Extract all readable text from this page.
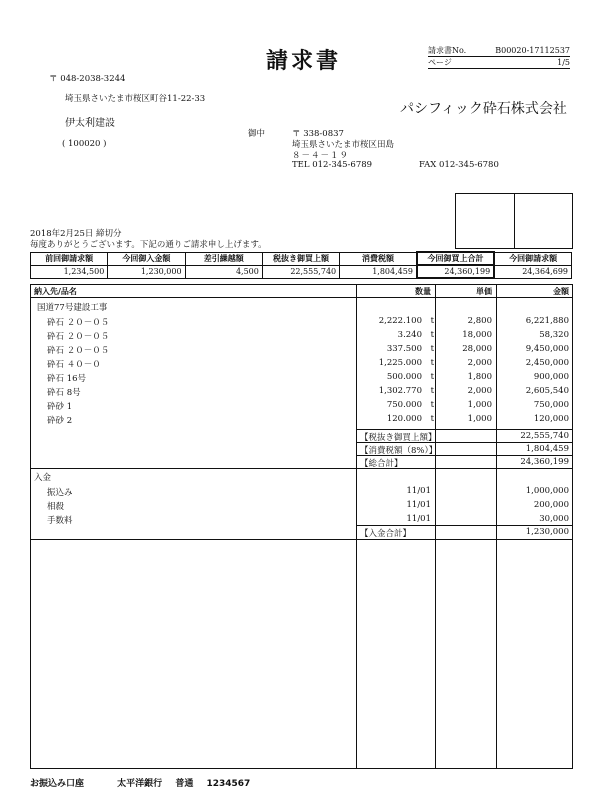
請求書	請求書No.	B00020-17112537
ページ	1/5
〒 048-2038-3244
埼玉県さいたま市桜区町谷11-22-33
伊太利建設
( 100020 )
御中
パシフィック砕石株式会社
〒 338-0837
埼玉県さいたま市桜区田島
８－４－１９
TEL 012-345-6789	FAX 012-345-6780
2018年2月25日 締切分
毎度ありがとうございます。下記の通りご請求申し上げます。
前回御請求額	今回御入金額	差引繰越額	税抜き御買上額	消費税額	今回御買上合計	今回御請求額
1,234,500	1,230,000	4,500	22,555,740	1,804,459	24,360,199	24,364,699
納入先/品名	数量	単価	金額
国道77号建設工事
砕石 ２０－０５	2,222.100 t	2,800	6,221,880
砕石 ２０－０５	3.240 t	18,000	58,320
砕石 ２０－０５	337.500 t	28,000	9,450,000
砕石 ４０－０	1,225.000 t	2,000	2,450,000
砕石 16号	500.000 t	1,800	900,000
砕石 8号	1,302.770 t	2,000	2,605,540
砕砂 1	750.000 t	1,000	750,000
砕砂 2	120.000 t	1,000	120,000
【税抜き御買上額】	22,555,740
【消費税額（8%）】	1,804,459
【総合計】	24,360,199
入金
振込み	11/01	1,000,000
相殺	11/01	200,000
手数料	11/01	30,000
【入金合計】	1,230,000
お振込み口座	太平洋銀行 普通 1234567
